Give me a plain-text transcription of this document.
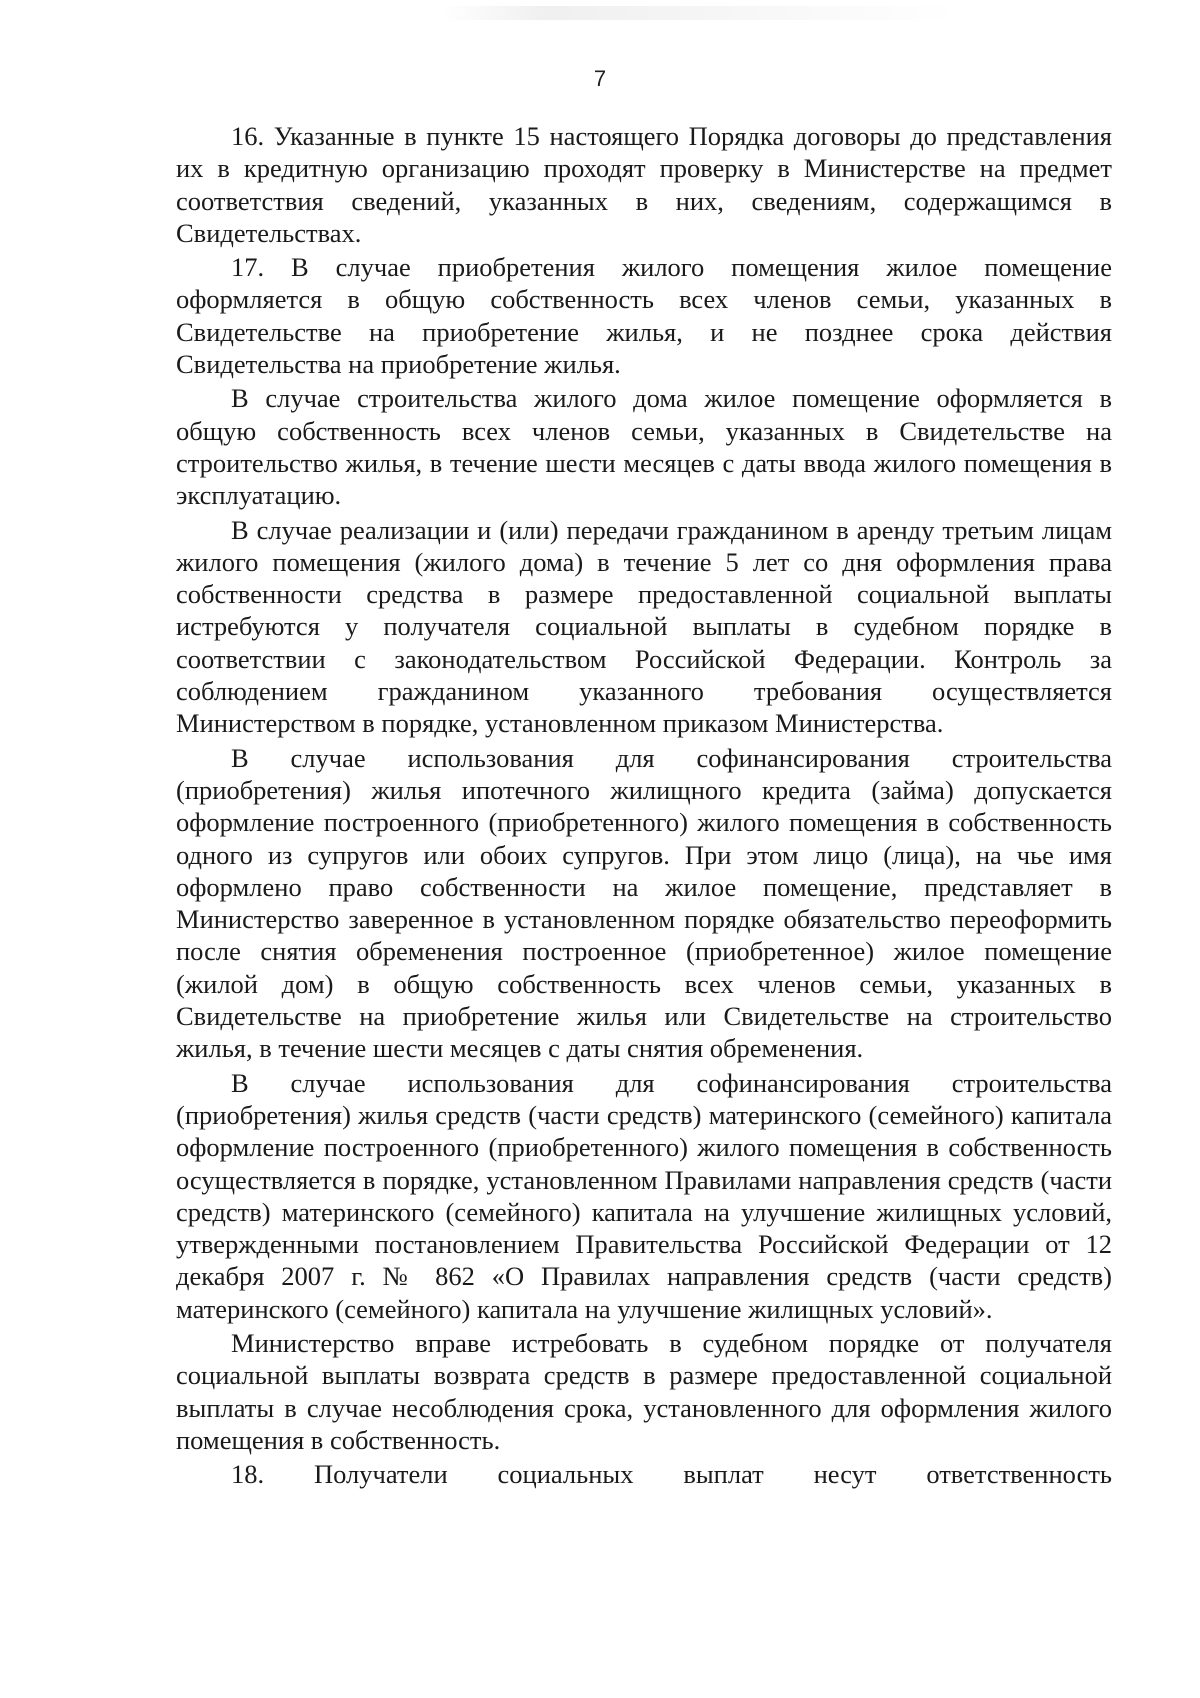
7

16. Указанные в пункте 15 настоящего Порядка договоры до представления их в кредитную организацию проходят проверку в Министерстве на предмет соответствия сведений, указанных в них, сведениям, содержащимся в Свидетельствах.

17. В случае приобретения жилого помещения жилое помещение оформляется в общую собственность всех членов семьи, указанных в Свидетельстве на приобретение жилья, и не позднее срока действия Свидетельства на приобретение жилья.

В случае строительства жилого дома жилое помещение оформляется в общую собственность всех членов семьи, указанных в Свидетельстве на строительство жилья, в течение шести месяцев с даты ввода жилого помещения в эксплуатацию.

В случае реализации и (или) передачи гражданином в аренду третьим лицам жилого помещения (жилого дома) в течение 5 лет со дня оформления права собственности средства в размере предоставленной социальной выплаты истребуются у получателя социальной выплаты в судебном порядке в соответствии с законодательством Российской Федерации. Контроль за соблюдением гражданином указанного требования осуществляется Министерством в порядке, установленном приказом Министерства.

В случае использования для софинансирования строительства (приобретения) жилья ипотечного жилищного кредита (займа) допускается оформление построенного (приобретенного) жилого помещения в собственность одного из супругов или обоих супругов. При этом лицо (лица), на чье имя оформлено право собственности на жилое помещение, представляет в Министерство заверенное в установленном порядке обязательство переоформить после снятия обременения построенное (приобретенное) жилое помещение (жилой дом) в общую собственность всех членов семьи, указанных в Свидетельстве на приобретение жилья или Свидетельстве на строительство жилья, в течение шести месяцев с даты снятия обременения.

В случае использования для софинансирования строительства (приобретения) жилья средств (части средств) материнского (семейного) капитала оформление построенного (приобретенного) жилого помещения в собственность осуществляется в порядке, установленном Правилами направления средств (части средств) материнского (семейного) капитала на улучшение жилищных условий, утвержденными постановлением Правительства Российской Федерации от 12 декабря 2007 г. № 862 «О Правилах направления средств (части средств) материнского (семейного) капитала на улучшение жилищных условий».

Министерство вправе истребовать в судебном порядке от получателя социальной выплаты возврата средств в размере предоставленной социальной выплаты в случае несоблюдения срока, установленного для оформления жилого помещения в собственность.

18. Получатели социальных выплат несут ответственность
